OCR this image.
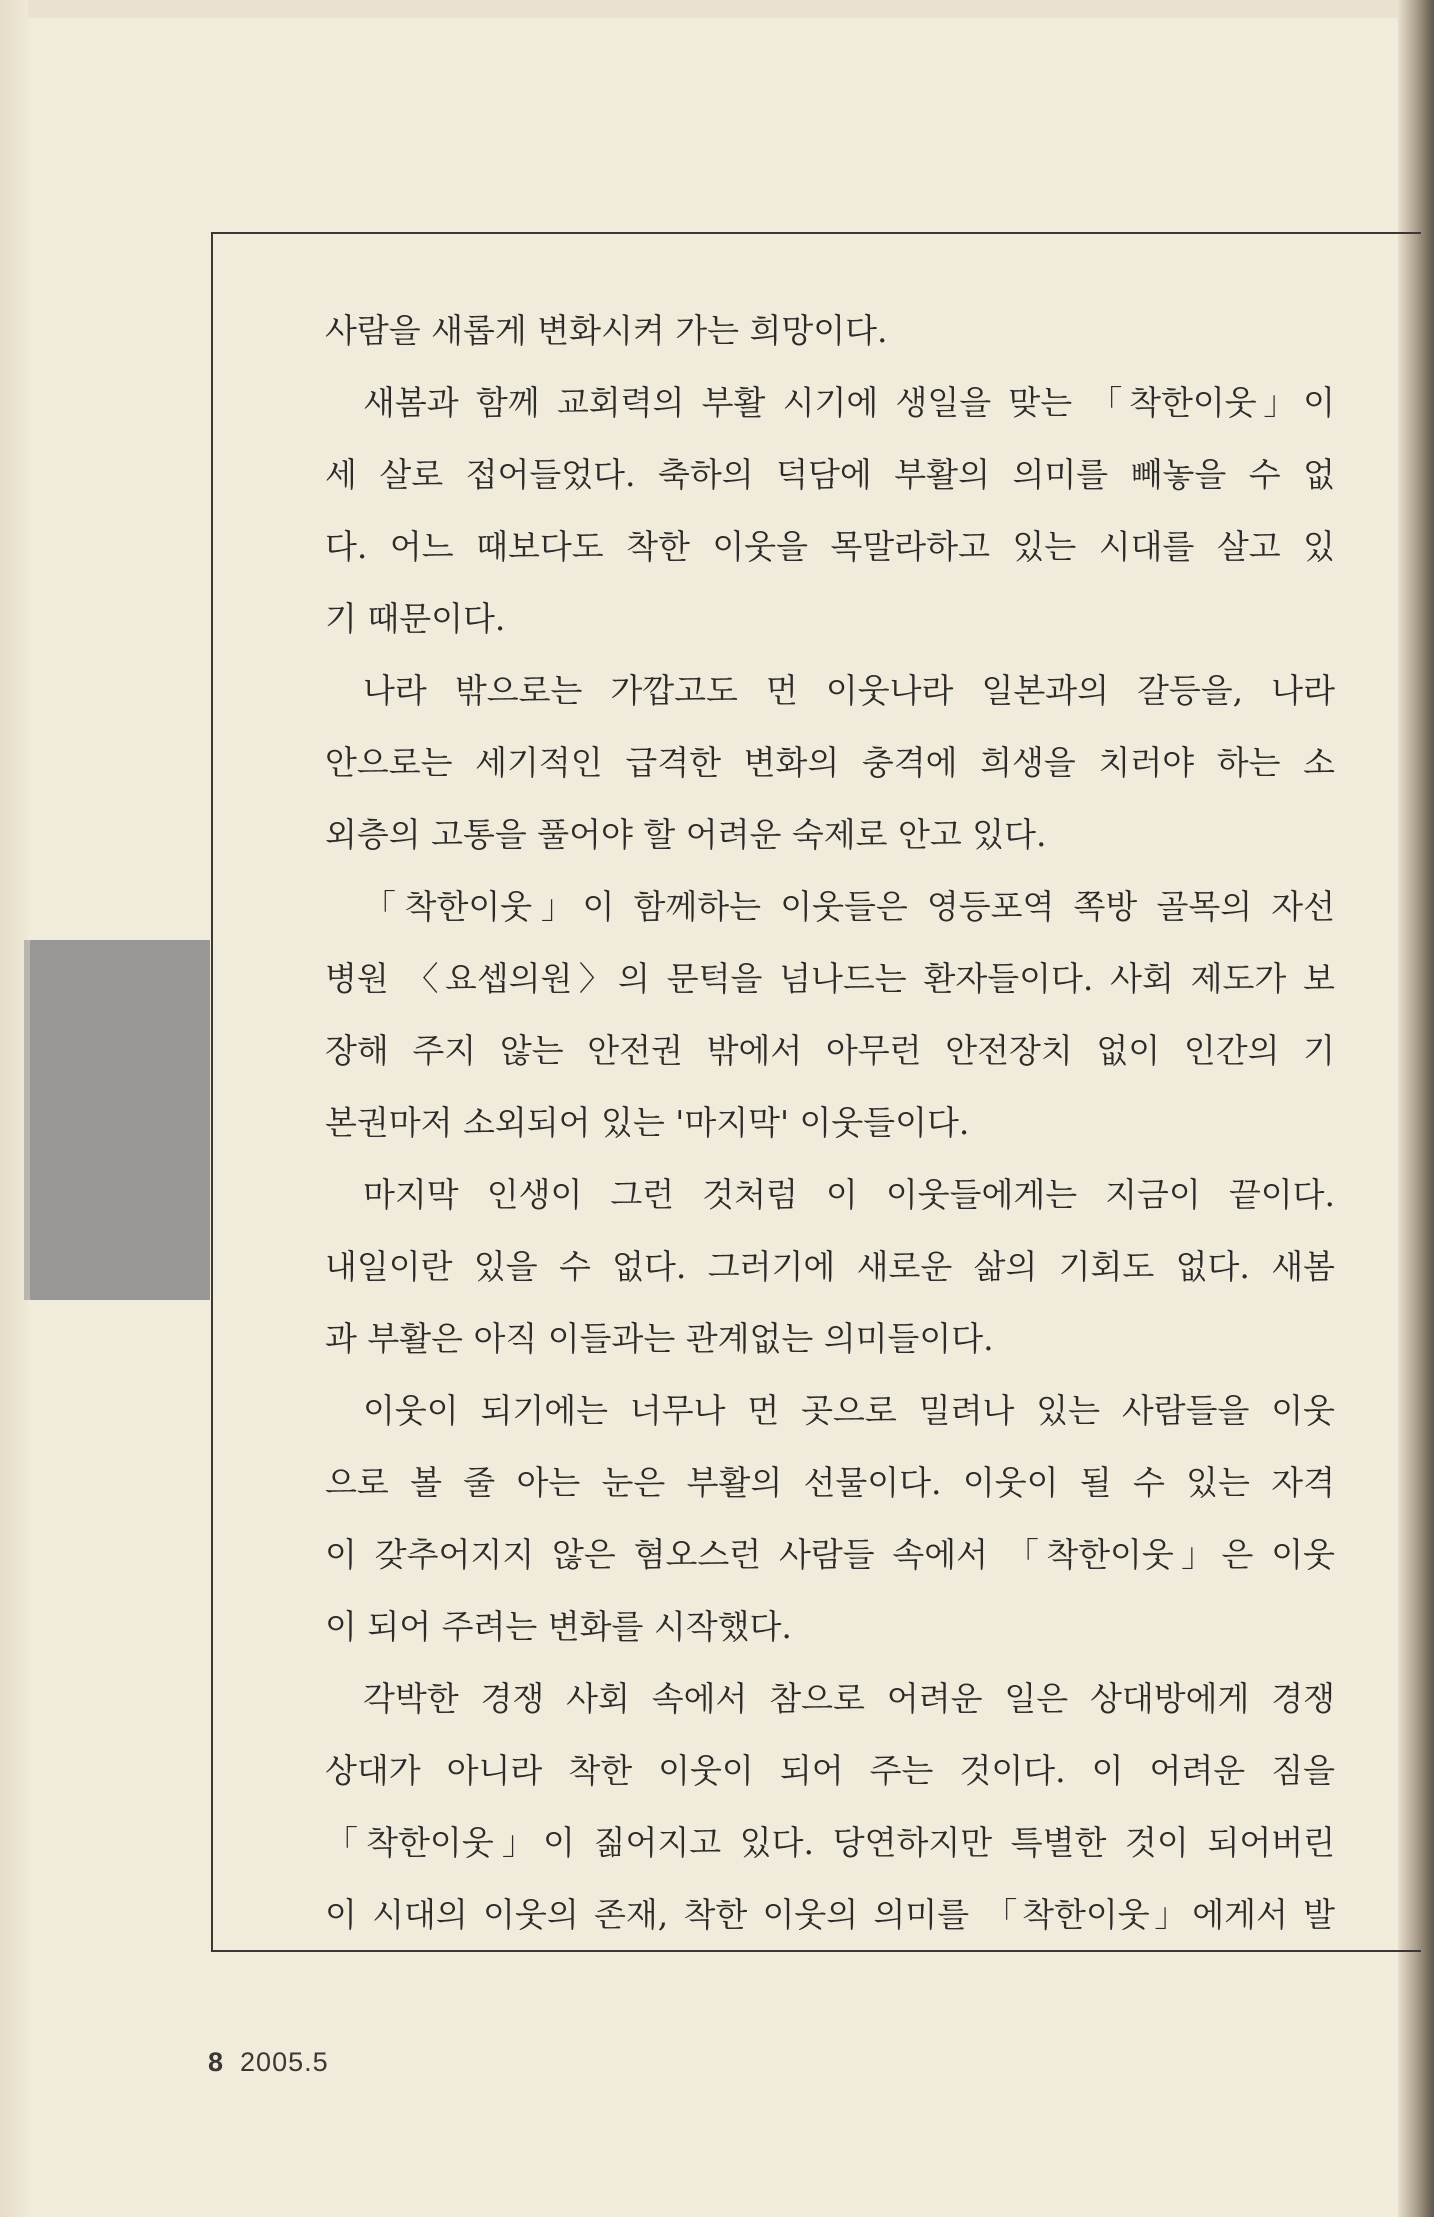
사람을 새롭게 변화시켜 가는 희망이다.
새봄과 함께 교회력의 부활 시기에 생일을 맞는 「착한이웃」이
세 살로 접어들었다. 축하의 덕담에 부활의 의미를 빼놓을 수 없
다. 어느 때보다도 착한 이웃을 목말라하고 있는 시대를 살고 있
기 때문이다.
나라 밖으로는 가깝고도 먼 이웃나라 일본과의 갈등을, 나라
안으로는 세기적인 급격한 변화의 충격에 희생을 치러야 하는 소
외층의 고통을 풀어야 할 어려운 숙제로 안고 있다.
「착한이웃」이 함께하는 이웃들은 영등포역 쪽방 골목의 자선
병원 〈요셉의원〉의 문턱을 넘나드는 환자들이다. 사회 제도가 보
장해 주지 않는 안전권 밖에서 아무런 안전장치 없이 인간의 기
본권마저 소외되어 있는 '마지막' 이웃들이다.
마지막 인생이 그런 것처럼 이 이웃들에게는 지금이 끝이다.
내일이란 있을 수 없다. 그러기에 새로운 삶의 기회도 없다. 새봄
과 부활은 아직 이들과는 관계없는 의미들이다.
이웃이 되기에는 너무나 먼 곳으로 밀려나 있는 사람들을 이웃
으로 볼 줄 아는 눈은 부활의 선물이다. 이웃이 될 수 있는 자격
이 갖추어지지 않은 혐오스런 사람들 속에서 「착한이웃」은 이웃
이 되어 주려는 변화를 시작했다.
각박한 경쟁 사회 속에서 참으로 어려운 일은 상대방에게 경쟁
상대가 아니라 착한 이웃이 되어 주는 것이다. 이 어려운 짐을
「착한이웃」이 짊어지고 있다. 당연하지만 특별한 것이 되어버린
이 시대의 이웃의 존재, 착한 이웃의 의미를 「착한이웃」에게서 발
8 2005.5
